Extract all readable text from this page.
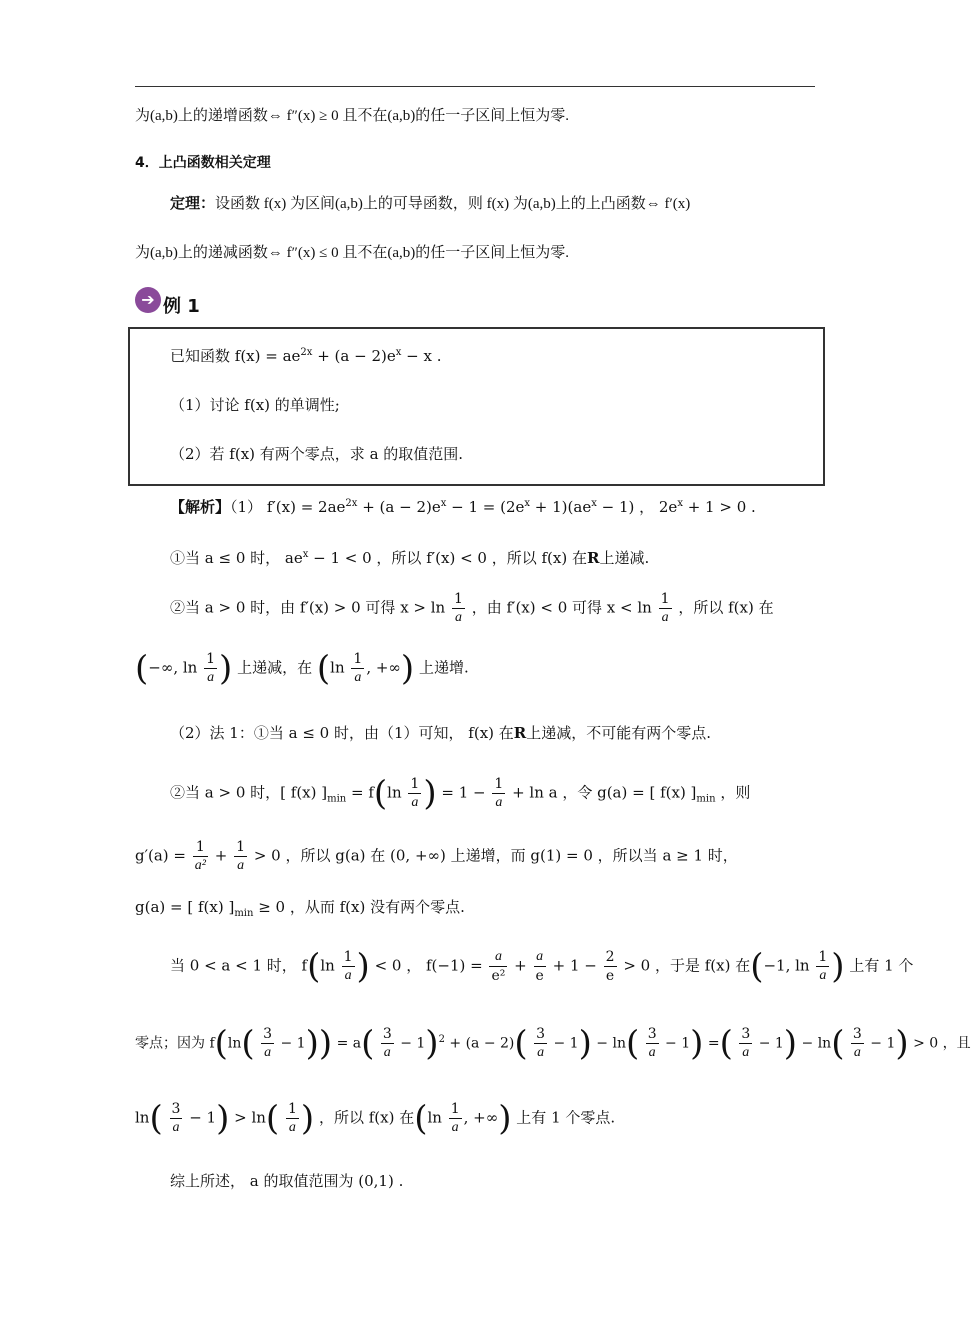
为(a,b)上的递增函数⇔ f″(x) ≥ 0 且不在(a,b)的任一子区间上恒为零.
4．上凸函数相关定理
定理：设函数 f(x) 为区间(a,b)上的可导函数，则 f(x) 为(a,b)上的上凸函数⇔ f′(x)
为(a,b)上的递减函数⇔ f″(x) ≤ 0 且不在(a,b)的任一子区间上恒为零.
➔ 例 1
已知函数 $f(x) = ae^{2x} + (a - 2)e^x - x$ .
（1）讨论 f(x) 的单调性;
（2）若 f(x) 有两个零点，求 a 的取值范围.
【解析】（1） $f'(x) = 2ae^{2x} + (a - 2)e^x - 1 = (2e^x + 1)(ae^x - 1)$ ， $2e^x + 1 > 0$ .
①当 a ≤ 0 时， $ae^x - 1 < 0$ ，所以 f′(x) < 0 ，所以 f(x) 在R上递减.
②当 a > 0 时，由 f′(x) > 0 可得 $x > \ln \frac{1}{a}$ ，由 f′(x) < 0 可得 $x < \ln \frac{1}{a}$ ，所以 f(x) 在
(−∞, $\ln \frac{1}{a}$ ) 上递减，在 ($\ln \frac{1}{a}$ , +∞) 上递增.
（2）法 1：①当 a ≤ 0 时，由（1）可知， f(x) 在R上递减，不可能有两个零点.
②当 a > 0 时，[ f(x) ]$_{min} = f(\ln \frac{1}{a}$ ) = $1 - \frac{1}{a} + \ln a$ ，令 g(a) = [ f(x) ]$_{min}$ ，则
$g'(a) = \frac{1}{\text{a²}} + \frac{1}{a} > 0$ ，所以 g(a) 在 (0, +∞) 上递增，而 g(1) = 0 ，所以当 a ≥ 1 时，
g(a) = [ f(x) ]$_{min} \ge 0$ ，从而 f(x) 没有两个零点.
当 0 < a < 1 时， $f(\ln \frac{1}{a}$ ) < 0 ， $f(-1) = \frac{a}{\text{e²}} + \frac{a}{e} + 1 - \frac{2}{e} > 0$ ，于是 f(x) 在(−1, $\ln \frac{1}{a}$ ) 上有 1 个
零点；因为 $f(\ln( \frac{3}{a} - 1)) = a( \frac{3}{a} - 1)^2 + (a - 2)( \frac{3}{a} - 1) - \ln( \frac{3}{a} - 1)$ =( $\frac{3}{a} - 1) - \ln( \frac{3}{a} - 1) > 0$ ，且
$\ln( \frac{3}{a} - 1) > \ln( \frac{1}{a}$ ) ，所以 f(x) 在($\ln \frac{1}{a}$ , +∞) 上有 1 个零点.
综上所述， a 的取值范围为 (0,1) .
